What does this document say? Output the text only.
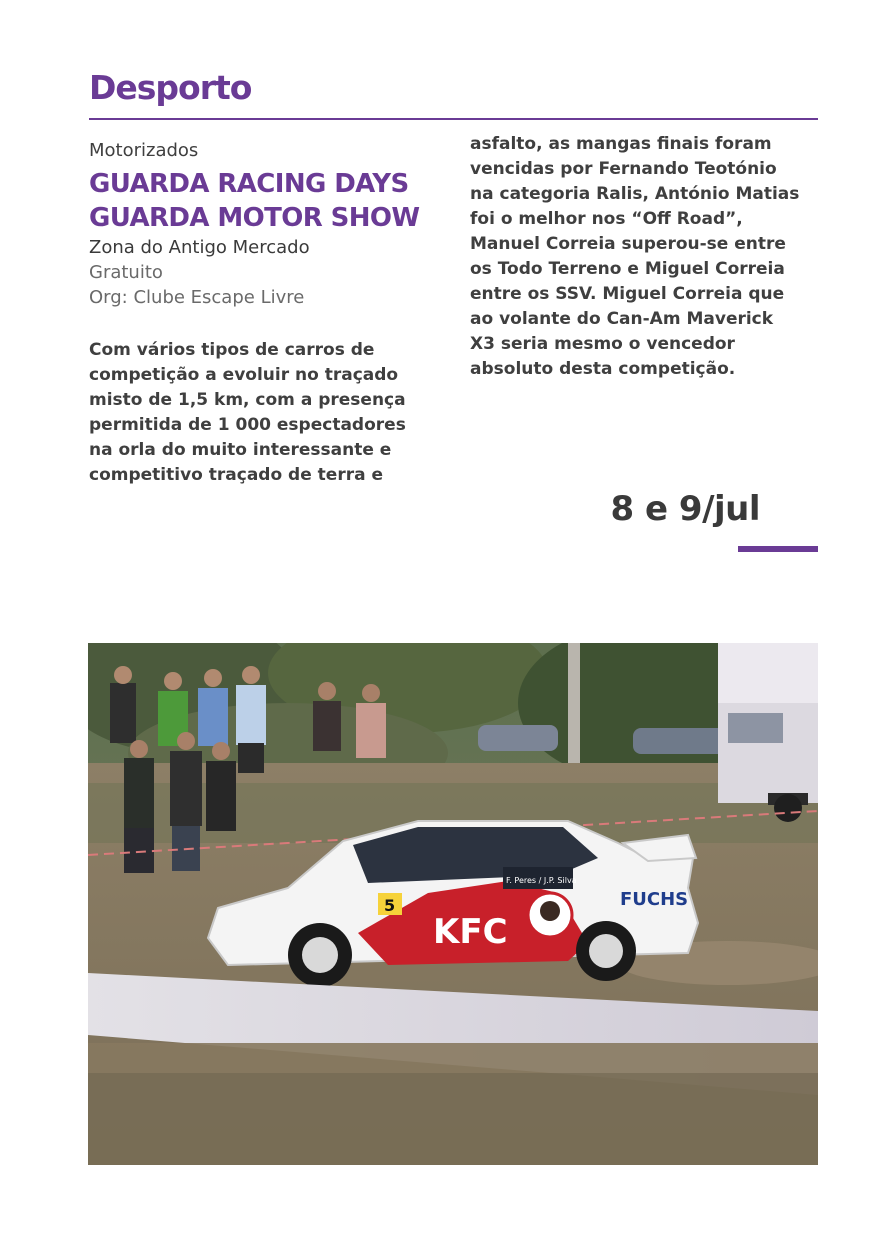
Desporto
Motorizados
GUARDA RACING DAYS
GUARDA MOTOR SHOW
Zona do Antigo Mercado
Gratuito
Org: Clube Escape Livre

Com vários tipos de carros de competição a evoluir no traçado misto de 1,5 km, com a presença permitida de 1 000 espectadores na orla do muito interessante e competitivo traçado de terra e

asfalto, as mangas finais foram vencidas por Fernando Teotónio na categoria Ralis, António Matias foi o melhor nos “Off Road”, Manuel Correia superou-se entre os Todo Terreno e Miguel Correia entre os SSV. Miguel Correia que ao volante do Can-Am Maverick X3 seria mesmo o vencedor absoluto desta competição.

8 e 9/jul
KFC
5	FUCHS
F. Peres / J.P. Silva
